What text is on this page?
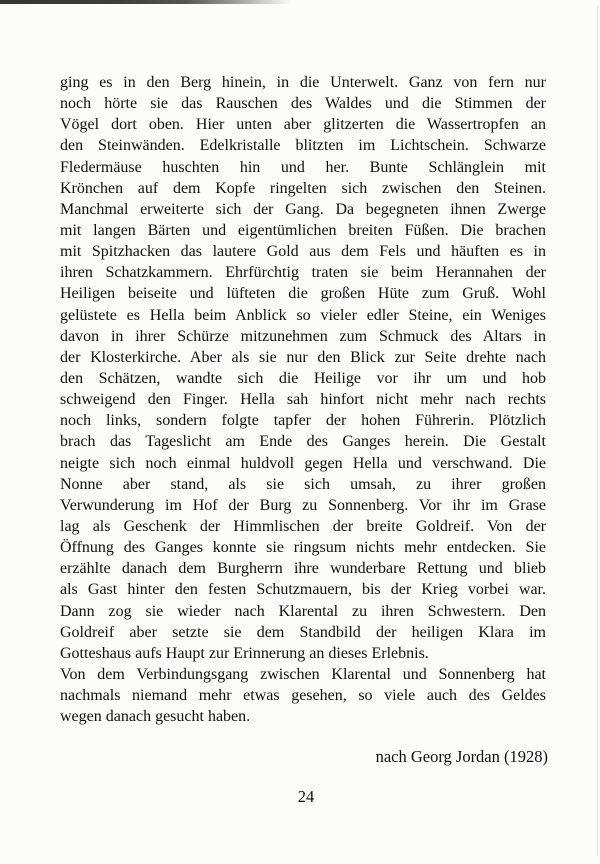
ging es in den Berg hinein, in die Unterwelt. Ganz von fern nur
noch hörte sie das Rauschen des Waldes und die Stimmen der
Vögel dort oben. Hier unten aber glitzerten die Wassertropfen an
den Steinwänden. Edelkristalle blitzten im Lichtschein. Schwarze
Fledermäuse huschten hin und her. Bunte Schlänglein mit
Krönchen auf dem Kopfe ringelten sich zwischen den Steinen.
Manchmal erweiterte sich der Gang. Da begegneten ihnen Zwerge
mit langen Bärten und eigentümlichen breiten Füßen. Die brachen
mit Spitzhacken das lautere Gold aus dem Fels und häuften es in
ihren Schatzkammern. Ehrfürchtig traten sie beim Herannahen der
Heiligen beiseite und lüfteten die großen Hüte zum Gruß. Wohl
gelüstete es Hella beim Anblick so vieler edler Steine, ein Weniges
davon in ihrer Schürze mitzunehmen zum Schmuck des Altars in
der Klosterkirche. Aber als sie nur den Blick zur Seite drehte nach
den Schätzen, wandte sich die Heilige vor ihr um und hob
schweigend den Finger. Hella sah hinfort nicht mehr nach rechts
noch links, sondern folgte tapfer der hohen Führerin. Plötzlich
brach das Tageslicht am Ende des Ganges herein. Die Gestalt
neigte sich noch einmal huldvoll gegen Hella und verschwand. Die
Nonne aber stand, als sie sich umsah, zu ihrer großen
Verwunderung im Hof der Burg zu Sonnenberg. Vor ihr im Grase
lag als Geschenk der Himmlischen der breite Goldreif. Von der
Öffnung des Ganges konnte sie ringsum nichts mehr entdecken. Sie
erzählte danach dem Burgherrn ihre wunderbare Rettung und blieb
als Gast hinter den festen Schutzmauern, bis der Krieg vorbei war.
Dann zog sie wieder nach Klarental zu ihren Schwestern. Den
Goldreif aber setzte sie dem Standbild der heiligen Klara im
Gotteshaus aufs Haupt zur Erinnerung an dieses Erlebnis.
Von dem Verbindungsgang zwischen Klarental und Sonnenberg hat
nachmals niemand mehr etwas gesehen, so viele auch des Geldes
wegen danach gesucht haben.
nach Georg Jordan (1928)
24
